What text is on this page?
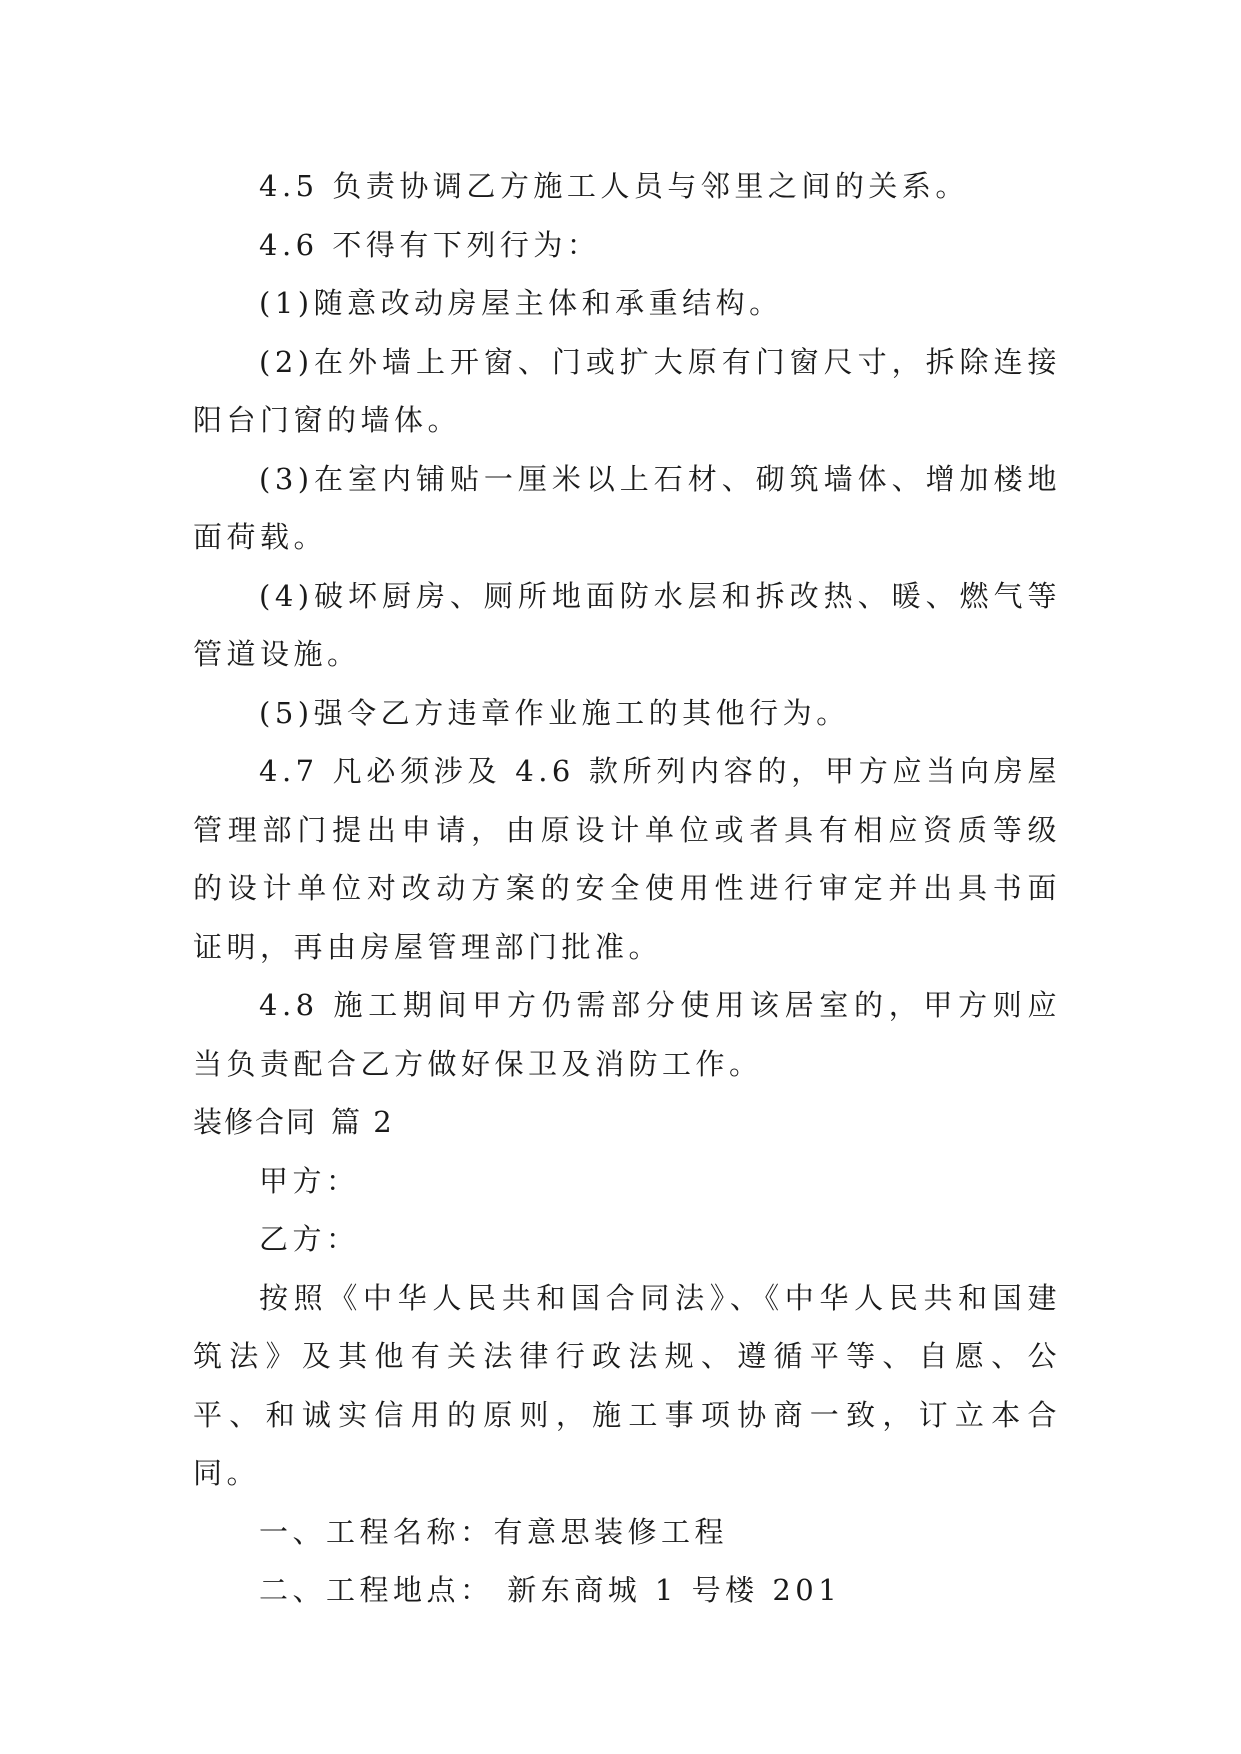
4.5 负责协调乙方施工人员与邻里之间的关系。

4.6 不得有下列行为：

(1)随意改动房屋主体和承重结构。

(2)在外墙上开窗、门或扩大原有门窗尺寸，拆除连接阳台门窗的墙体。

(3)在室内铺贴一厘米以上石材、砌筑墙体、增加楼地面荷载。

(4)破坏厨房、厕所地面防水层和拆改热、暖、燃气等管道设施。

(5)强令乙方违章作业施工的其他行为。

4.7 凡必须涉及 4.6 款所列内容的，甲方应当向房屋管理部门提出申请，由原设计单位或者具有相应资质等级的设计单位对改动方案的安全使用性进行审定并出具书面证明，再由房屋管理部门批准。

4.8 施工期间甲方仍需部分使用该居室的，甲方则应当负责配合乙方做好保卫及消防工作。

装修合同 篇 2

甲方：

乙方：

按照《中华人民共和国合同法》、《中华人民共和国建筑法》及其他有关法律行政法规、遵循平等、自愿、公平、和诚实信用的原则，施工事项协商一致，订立本合同。

一、工程名称：有意思装修工程

二、工程地点： 新东商城 1 号楼 201
